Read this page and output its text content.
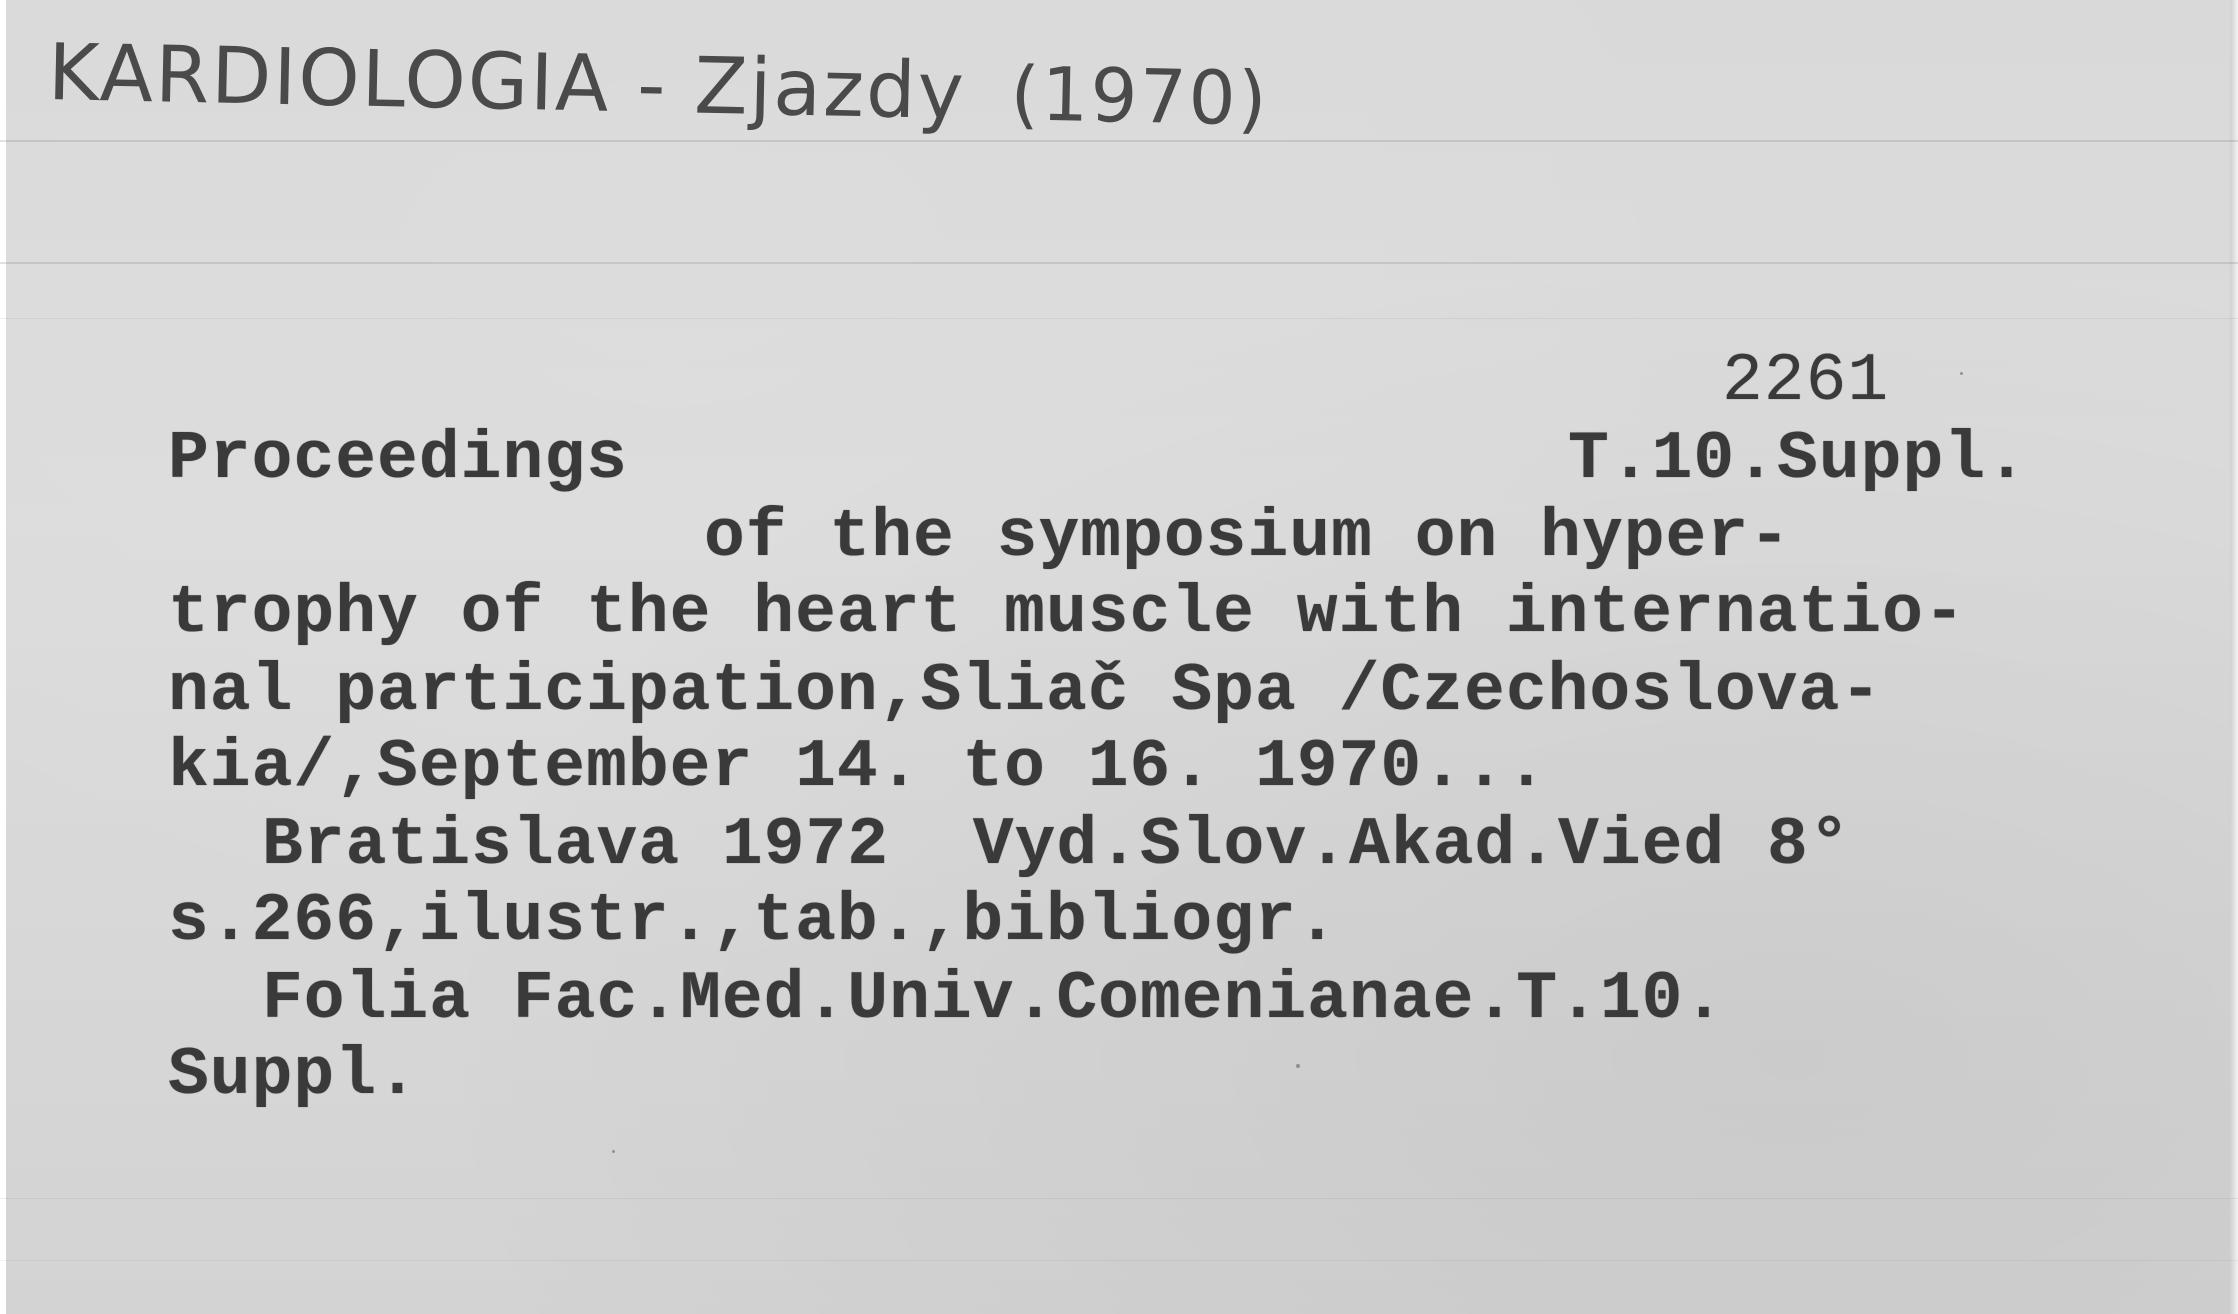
KARDIOLOGIA - Zjazdy (1970)
2261
T.10.Suppl.
Proceedings
of the symposium on hyper-
trophy of the heart muscle with internatio-
nal participation,Sliač Spa /Czechoslova-
kia/,September 14. to 16. 1970...
Bratislava 1972  Vyd.Slov.Akad.Vied 8°
s.266,ilustr.,tab.,bibliogr.
Folia Fac.Med.Univ.Comenianae.T.10.
Suppl.
